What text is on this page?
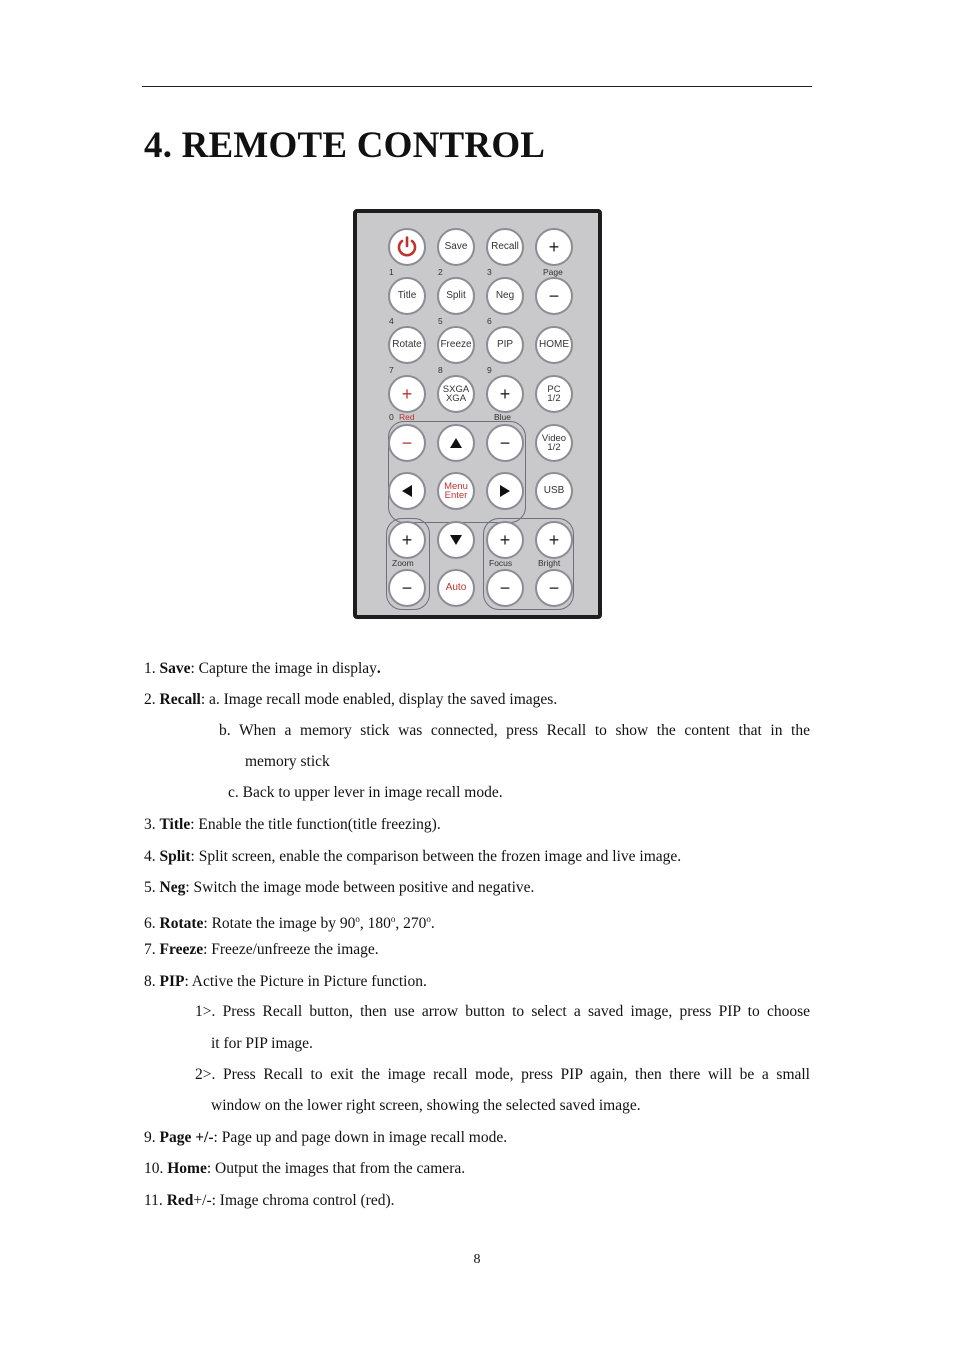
4. REMOTE CONTROL
Save Recall +
1	2	3	Page
Title	Split	Neg −
4	5	6
Rotate Freeze	PIP	HOME
7	8	9
+	SXGA
XGA +	PC
1/2
0 Red	Blue
−	−	Video
1/2
Menu
Enter	USB
+	+ +
Zoom	Focus	Bright
−	Auto − −
1. Save: Capture the image in display.
2. Recall: a. Image recall mode enabled, display the saved images.
b. When a memory stick was connected, press Recall to show the content that in the
memory stick
c. Back to upper lever in image recall mode.
3. Title: Enable the title function(title freezing).
4. Split: Split screen, enable the comparison between the frozen image and live image.
5. Neg: Switch the image mode between positive and negative.
6. Rotate: Rotate the image by 90$^o$, 180$^o$, 270$^o$.
7. Freeze: Freeze/unfreeze the image.
8. PIP: Active the Picture in Picture function.
1>. Press Recall button, then use arrow button to select a saved image, press PIP to choose
it for PIP image.
2>. Press Recall to exit the image recall mode, press PIP again, then there will be a small
window on the lower right screen, showing the selected saved image.
9. Page +/-: Page up and page down in image recall mode.
10. Home: Output the images that from the camera.
11. Red+/-: Image chroma control (red).
8
